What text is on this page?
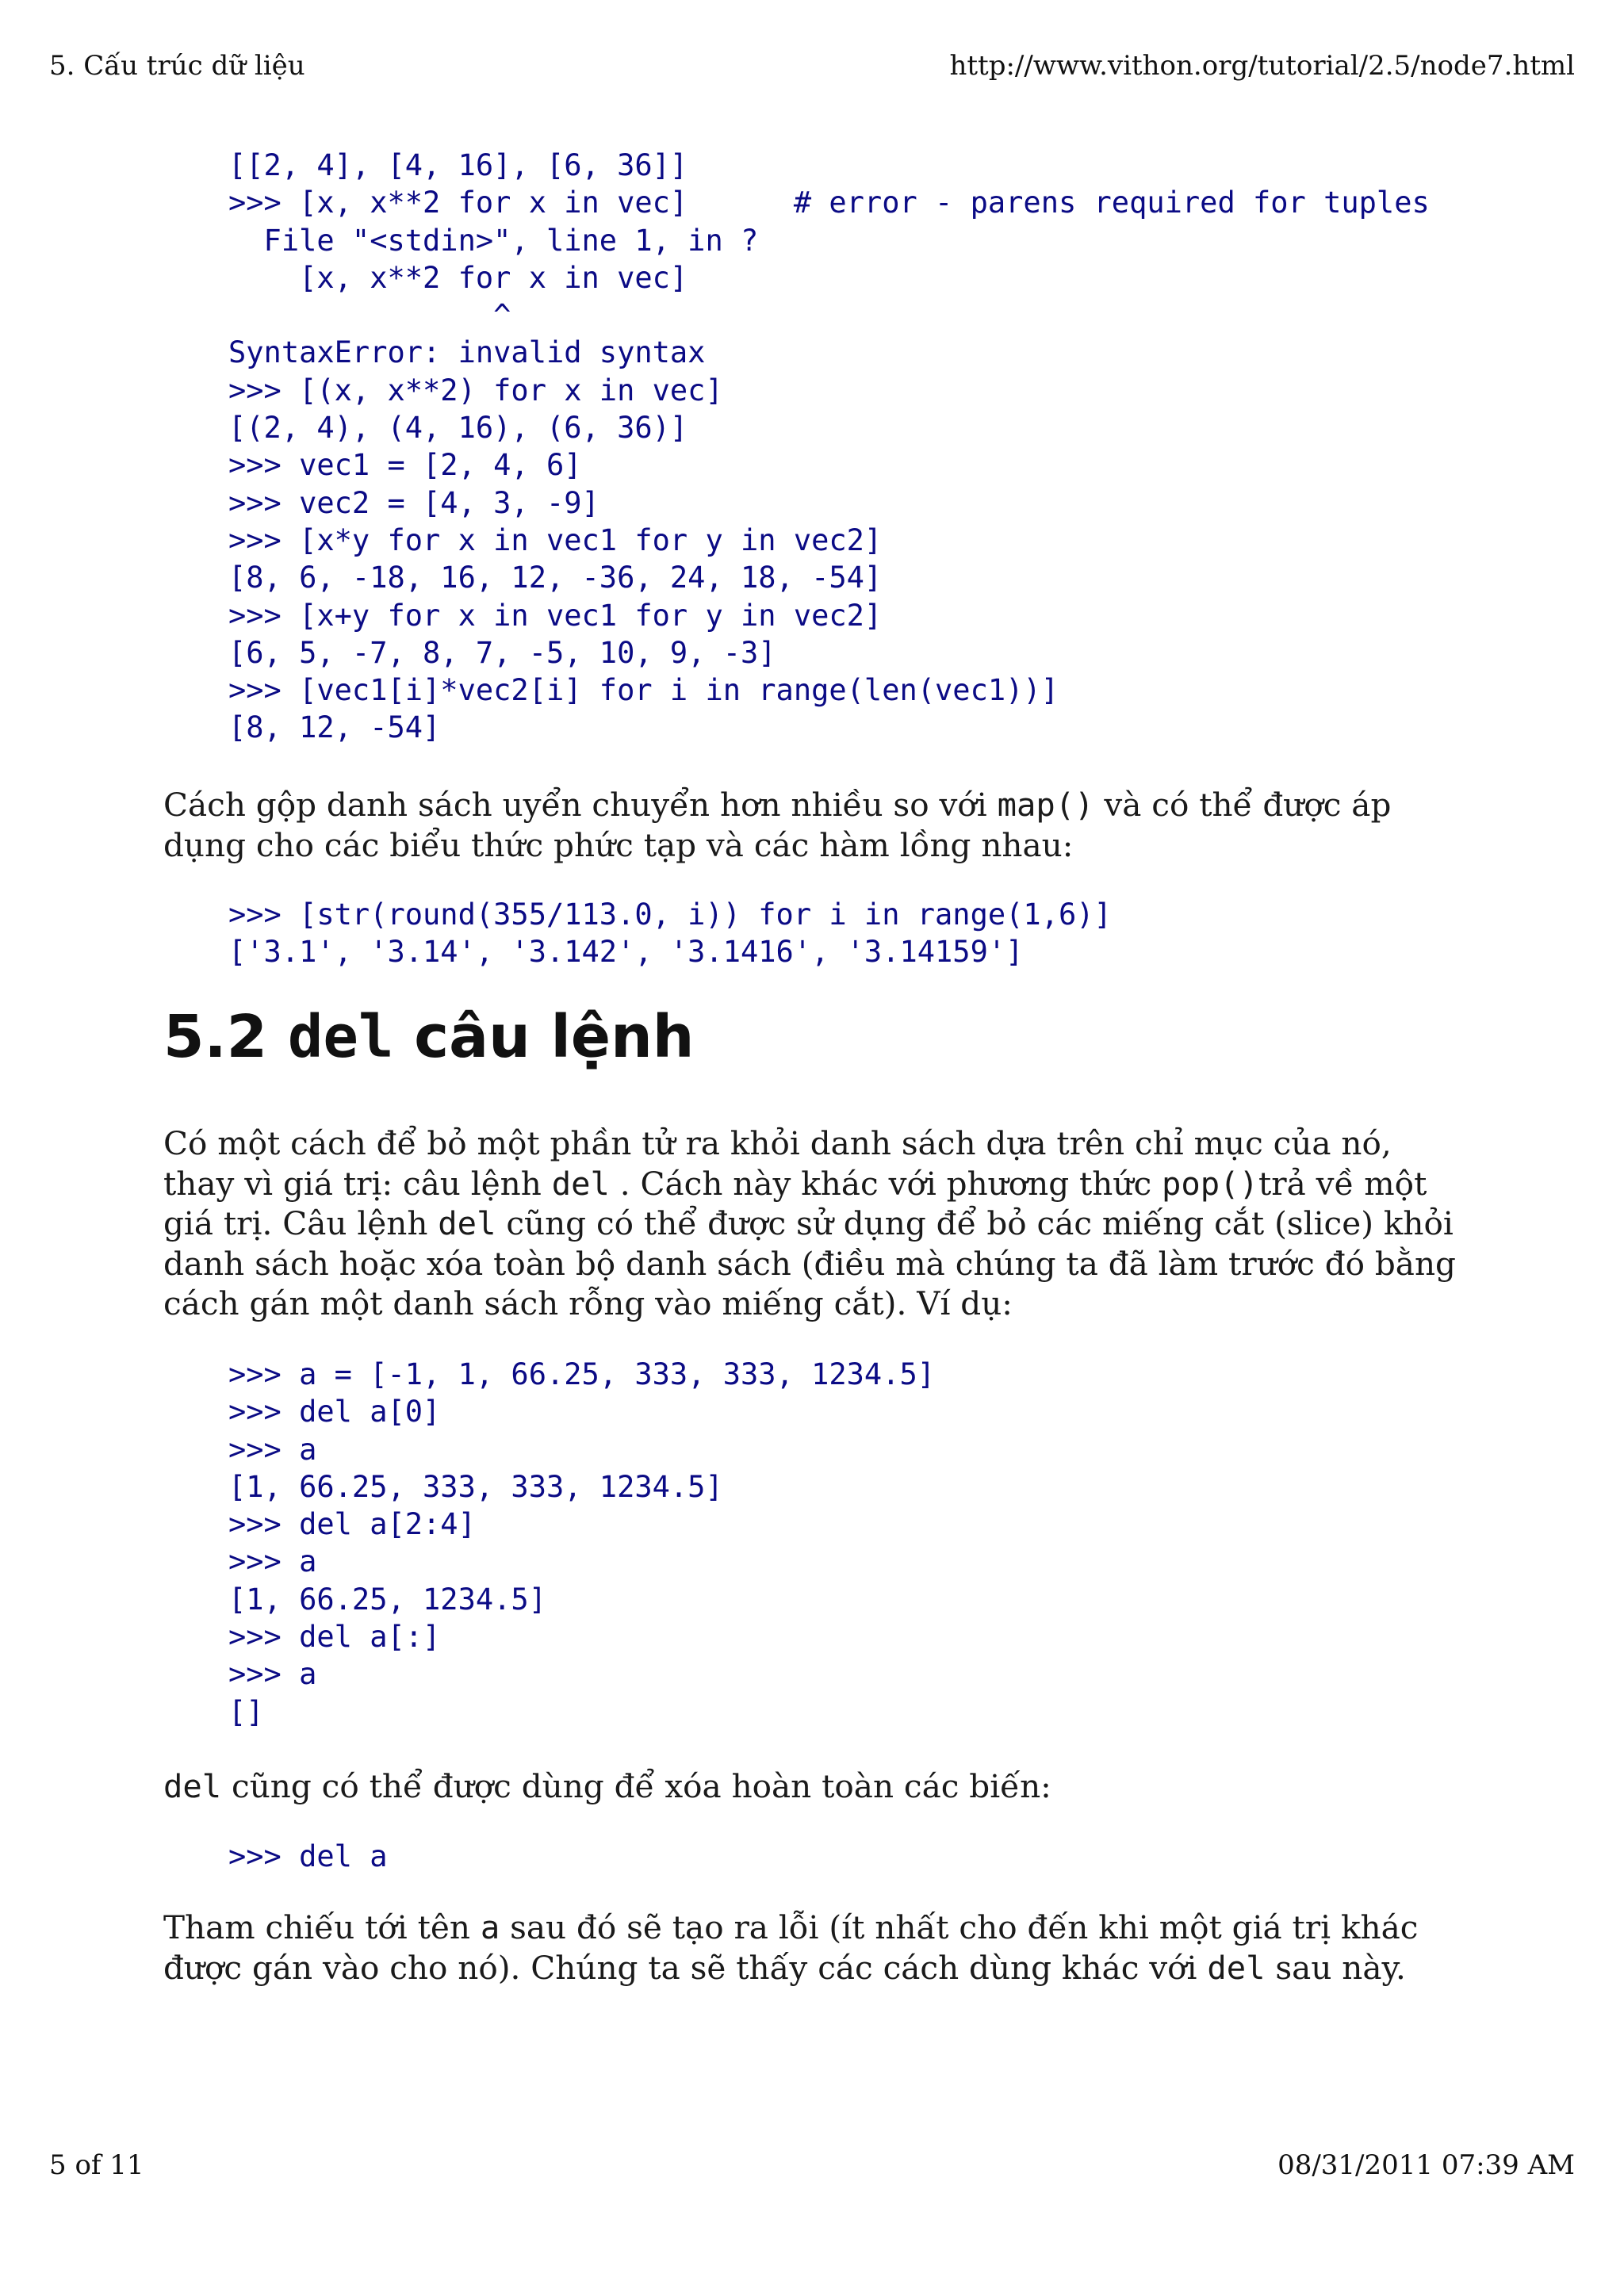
5. Cấu trúc dữ liệu	http://www.vithon.org/tutorial/2.5/node7.html
[[2, 4], [4, 16], [6, 36]]
>>> [x, x**2 for x in vec]      # error - parens required for tuples
File "<stdin>", line 1, in ?
[x, x**2 for x in vec]
^
SyntaxError: invalid syntax
>>> [(x, x**2) for x in vec]
[(2, 4), (4, 16), (6, 36)]
>>> vec1 = [2, 4, 6]
>>> vec2 = [4, 3, -9]
>>> [x*y for x in vec1 for y in vec2]
[8, 6, -18, 16, 12, -36, 24, 18, -54]
>>> [x+y for x in vec1 for y in vec2]
[6, 5, -7, 8, 7, -5, 10, 9, -3]
>>> [vec1[i]*vec2[i] for i in range(len(vec1))]
[8, 12, -54]

Cách gộp danh sách uyển chuyển hơn nhiều so với map() và có thể được áp dụng cho các biểu thức phức tạp và các hàm lồng nhau:

>>> [str(round(355/113.0, i)) for i in range(1,6)]
['3.1', '3.14', '3.142', '3.1416', '3.14159']
5.2 del câu lệnh

Có một cách để bỏ một phần tử ra khỏi danh sách dựa trên chỉ mục của nó, thay vì giá trị: câu lệnh del . Cách này khác với phương thức pop()trả về một giá trị. Câu lệnh del cũng có thể được sử dụng để bỏ các miếng cắt (slice) khỏi danh sách hoặc xóa toàn bộ danh sách (điều mà chúng ta đã làm trước đó bằng cách gán một danh sách rỗng vào miếng cắt). Ví dụ:

>>> a = [-1, 1, 66.25, 333, 333, 1234.5]
>>> del a[0]
>>> a
[1, 66.25, 333, 333, 1234.5]
>>> del a[2:4]
>>> a
[1, 66.25, 1234.5]
>>> del a[:]
>>> a
[]

del cũng có thể được dùng để xóa hoàn toàn các biến:

>>> del a

Tham chiếu tới tên a sau đó sẽ tạo ra lỗi (ít nhất cho đến khi một giá trị khác được gán vào cho nó). Chúng ta sẽ thấy các cách dùng khác với del sau này.

5 of 11	08/31/2011 07:39 AM
